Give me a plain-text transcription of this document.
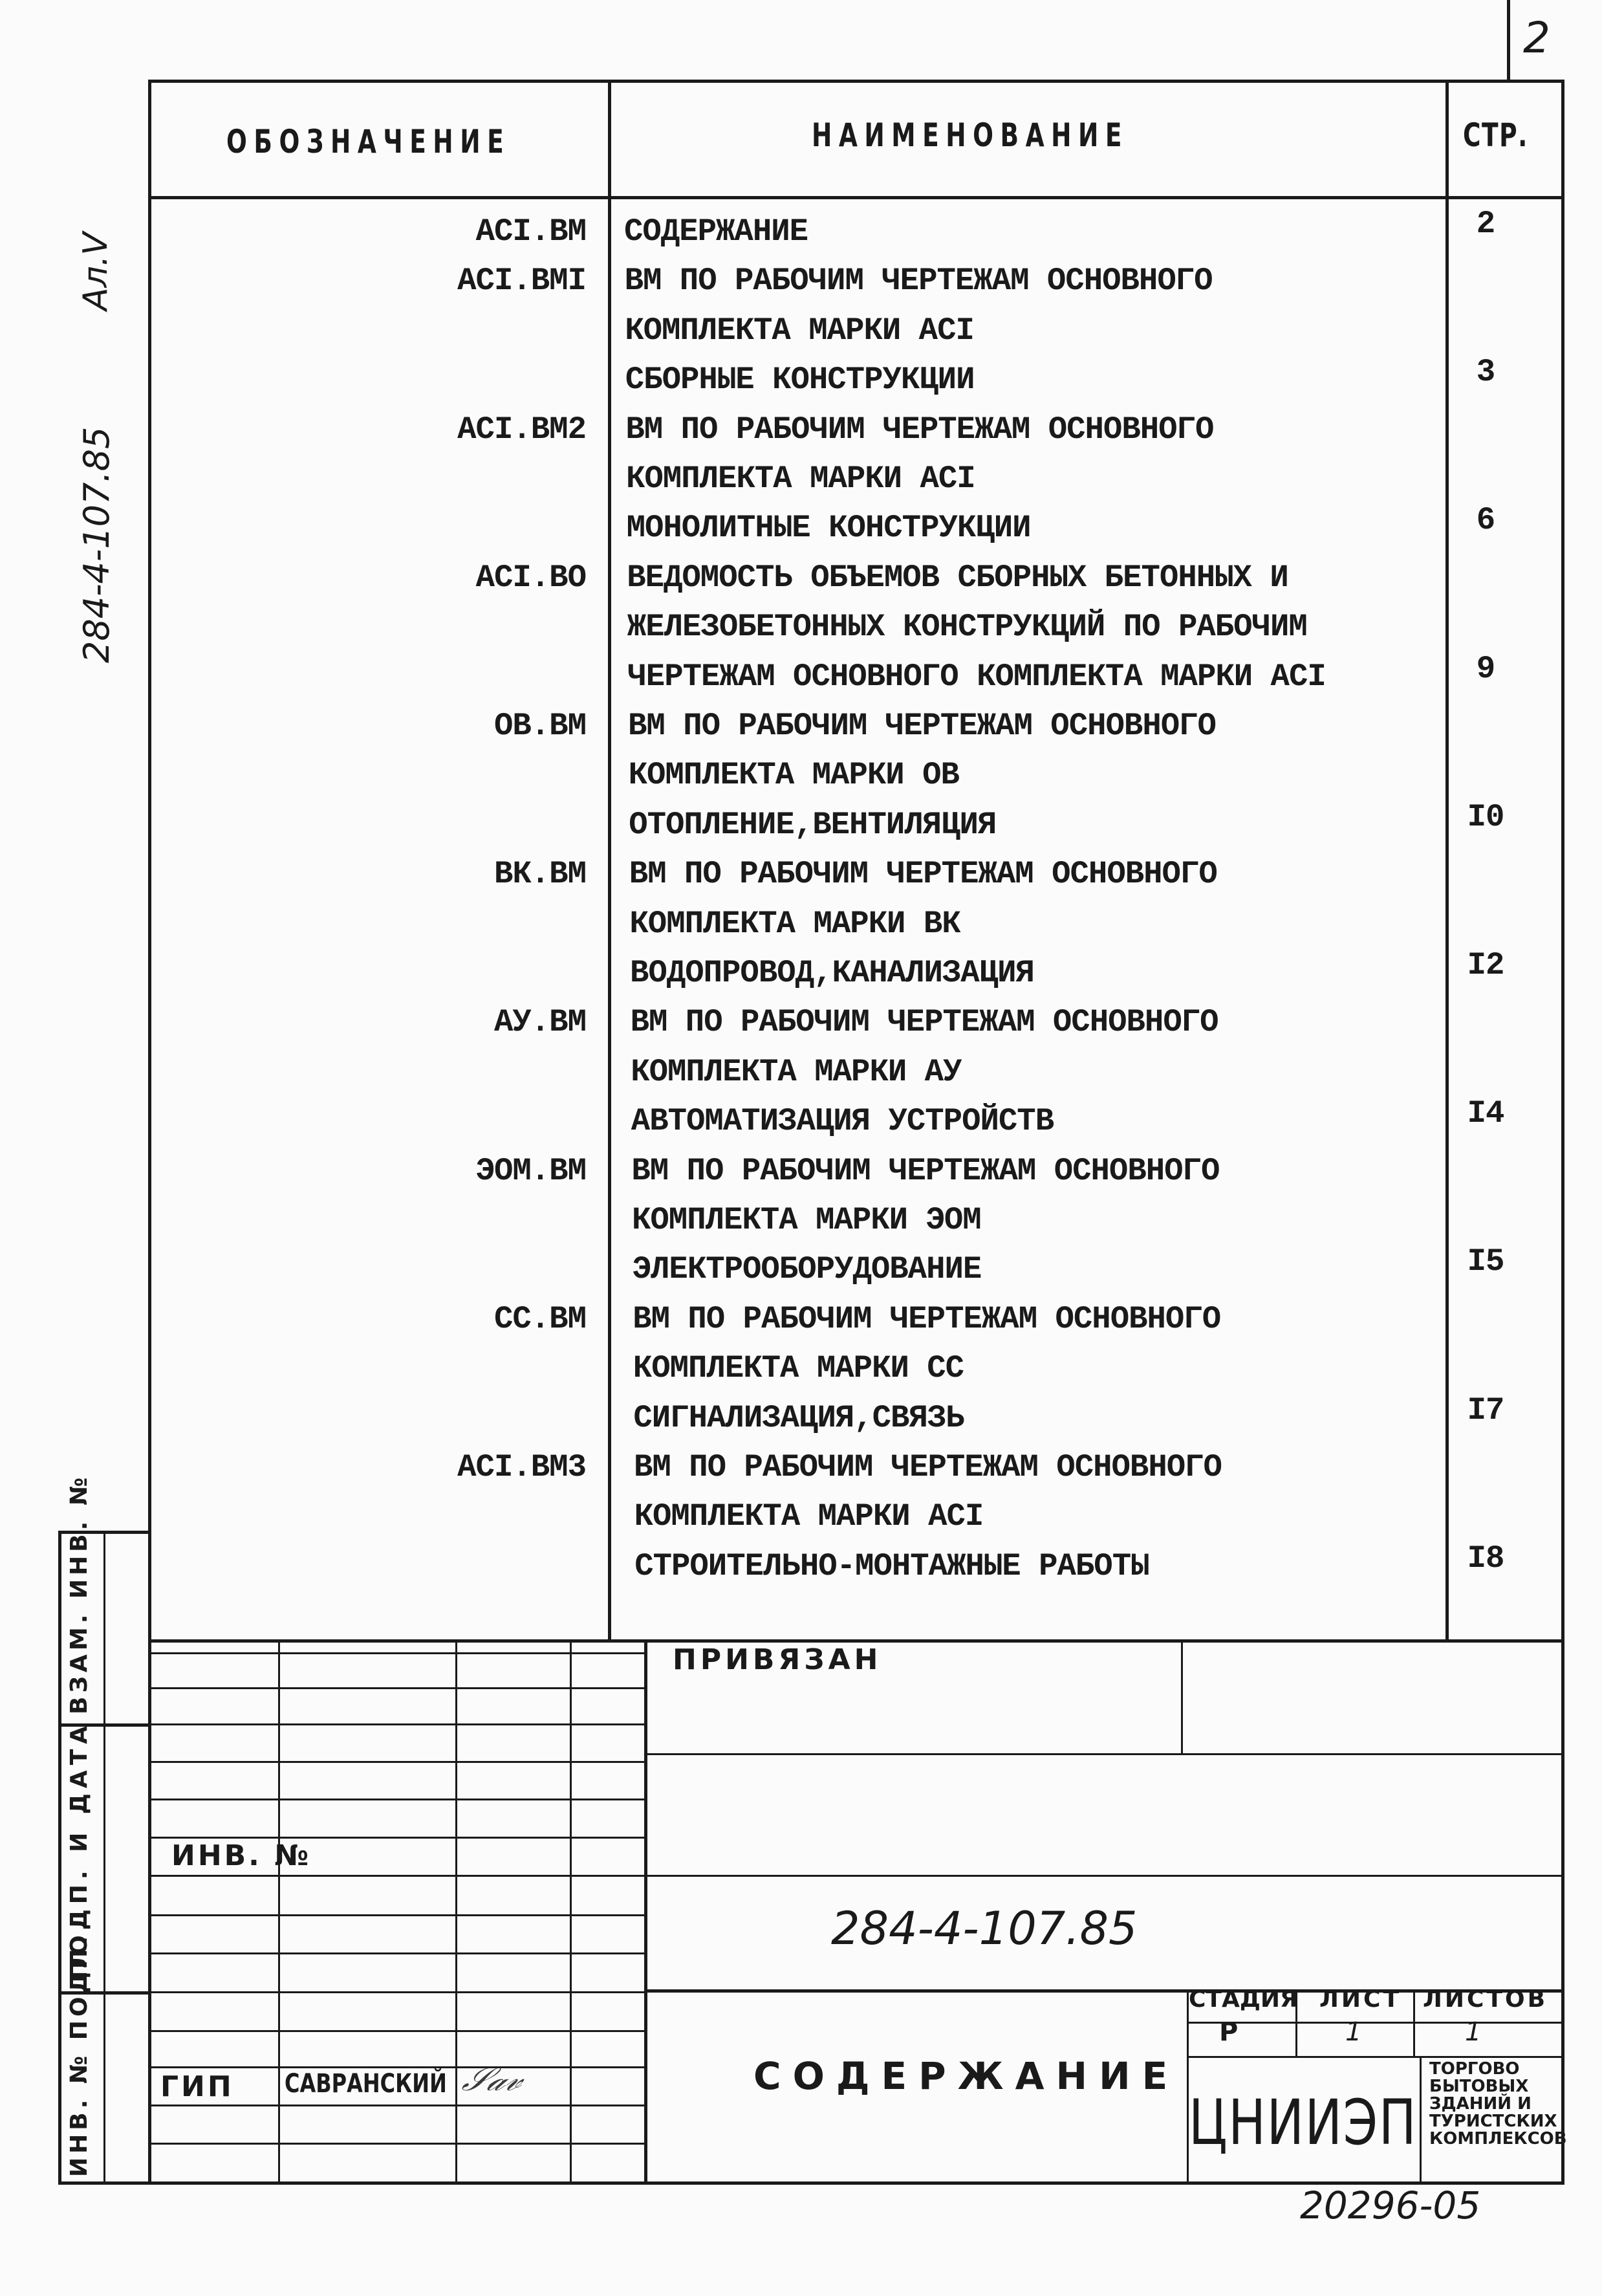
2
ОБОЗНАЧЕНИЕ	НАИМЕНОВАНИЕ	СТР.
АСI.ВМ СОДЕРЖАНИЕ	2
АСI.ВМI ВМ ПО РАБОЧИМ ЧЕРТЕЖАМ ОСНОВНОГО
КОМПЛЕКТА МАРКИ АСI
СБОРНЫЕ КОНСТРУКЦИИ	3
АСI.ВМ2 ВМ ПО РАБОЧИМ ЧЕРТЕЖАМ ОСНОВНОГО
КОМПЛЕКТА МАРКИ АСI
МОНОЛИТНЫЕ КОНСТРУКЦИИ	6
АСI.ВО ВЕДОМОСТЬ ОБЪЕМОВ СБОРНЫХ БЕТОННЫХ И
ЖЕЛЕЗОБЕТОННЫХ КОНСТРУКЦИЙ ПО РАБОЧИМ
ЧЕРТЕЖАМ ОСНОВНОГО КОМПЛЕКТА МАРКИ АСI	9
ОВ.ВМ ВМ ПО РАБОЧИМ ЧЕРТЕЖАМ ОСНОВНОГО
КОМПЛЕКТА МАРКИ ОВ
ОТОПЛЕНИЕ,ВЕНТИЛЯЦИЯ	I0
ВК.ВМ ВМ ПО РАБОЧИМ ЧЕРТЕЖАМ ОСНОВНОГО
КОМПЛЕКТА МАРКИ ВК
ВОДОПРОВОД,КАНАЛИЗАЦИЯ	I2
АУ.ВМ ВМ ПО РАБОЧИМ ЧЕРТЕЖАМ ОСНОВНОГО
КОМПЛЕКТА МАРКИ АУ
АВТОМАТИЗАЦИЯ УСТРОЙСТВ	I4
ЭОМ.ВМ ВМ ПО РАБОЧИМ ЧЕРТЕЖАМ ОСНОВНОГО
КОМПЛЕКТА МАРКИ ЭОМ
ЭЛЕКТРООБОРУДОВАНИЕ	I5
СС.ВМ ВМ ПО РАБОЧИМ ЧЕРТЕЖАМ ОСНОВНОГО
КОМПЛЕКТА МАРКИ СС
СИГНАЛИЗАЦИЯ,СВЯЗЬ	I7
АСI.ВМ3 ВМ ПО РАБОЧИМ ЧЕРТЕЖАМ ОСНОВНОГО
КОМПЛЕКТА МАРКИ АСI
СТРОИТЕЛЬНО-МОНТАЖНЫЕ РАБОТЫ	I8
Ал.V
284-4-107.85
ВЗАМ. ИНВ. №
ПОДП. И ДАТА
ИНВ. № ПОДЛ.
ПРИВЯЗАН
ИНВ. №
284-4-107.85
ГИП САВРАНСКИЙ 𝒮𝒶𝓋	СОДЕРЖАНИЕ
СТАДИЯ ЛИСТ ЛИСТОВ
Р	1	1
ЦНИИЭП
ТОРГОВО
БЫТОВЫХ
ЗДАНИЙ И
ТУРИСТСКИХ
КОМПЛЕКСОВ
20296-05
